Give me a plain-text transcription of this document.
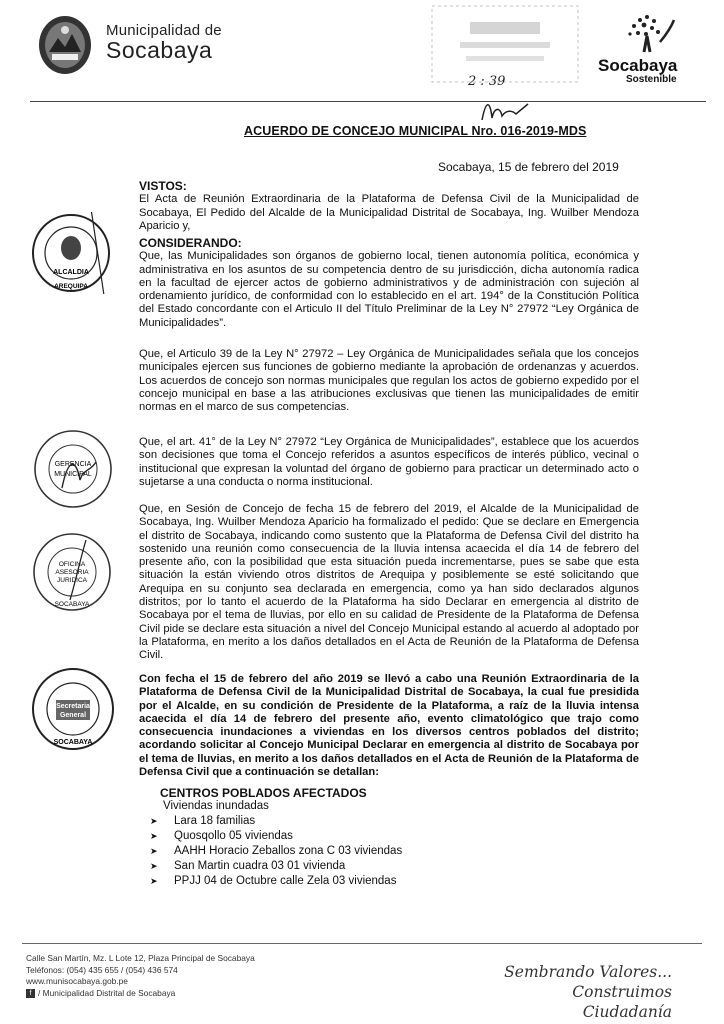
Municipalidad de
Socabaya
2 : 39
Socabaya
Sostenible
ACUERDO DE CONCEJO MUNICIPAL Nro. 016-2019-MDS
Socabaya, 15 de febrero del 2019

VISTOS:

El Acta de Reunión Extraordinaria de la Plataforma de Defensa Civil de la Municipalidad de Socabaya, El Pedido del Alcalde de la Municipalidad Distrital de Socabaya, Ing. Wuilber Mendoza Aparicio y,

CONSIDERANDO:

Que, las Municipalidades son órganos de gobierno local, tienen autonomía política, económica y administrativa en los asuntos de su competencia dentro de su jurisdicción, dicha autonomía radica en la facultad de ejercer actos de gobierno administrativos y de administración con sujeción al ordenamiento jurídico, de conformidad con lo establecido en el art. 194° de la Constitución Política del Estado concordante con el Articulo II del Título Preliminar de la Ley N° 27972 “Ley Orgánica de Municipalidades”.

Que, el Articulo 39 de la Ley N° 27972 – Ley Orgánica de Municipalidades señala que los concejos municipales ejercen sus funciones de gobierno mediante la aprobación de ordenanzas y acuerdos. Los acuerdos de concejo son normas municipales que regulan los actos de gobierno expedido por el concejo municipal en base a las atribuciones exclusivas que tienen las municipalidades de emitir normas en el marco de sus competencias.

Que, el art. 41° de la Ley N° 27972 “Ley Orgánica de Municipalidades”, establece que los acuerdos son decisiones que toma el Concejo referidos a asuntos específicos de interés público, vecinal o institucional que expresan la voluntad del órgano de gobierno para practicar un determinado acto o sujetarse a una conducta o norma institucional.

Que, en Sesión de Concejo de fecha 15 de febrero del 2019, el Alcalde de la Municipalidad de Socabaya, Ing. Wuilber Mendoza Aparicio ha formalizado el pedido: Que se declare en Emergencia el distrito de Socabaya, indicando como sustento que la Plataforma de Defensa Civil del distrito ha sostenido una reunión como consecuencia de la lluvia intensa acaecida el día 14 de febrero del presente año, con la posibilidad que esta situación pueda incrementarse, pues se sabe que esta situación la están viviendo otros distritos de Arequipa y posiblemente se esté solicitando que Arequipa en su conjunto sea declarada en emergencia, como ya han sido declarados algunos distritos; por lo tanto el acuerdo de la Plataforma ha sido Declarar en emergencia al distrito de Socabaya por el tema de lluvias, por ello en su calidad de Presidente de la Plataforma de Defensa Civil pide se declare esta situación a nivel del Concejo Municipal estando al acuerdo al adoptado por la Plataforma, en merito a los daños detallados en el Acta de Reunión de la Plataforma de Defensa Civil.

Con fecha el 15 de febrero del año 2019 se llevó a cabo una Reunión Extraordinaria de la Plataforma de Defensa Civil de la Municipalidad Distrital de Socabaya, la cual fue presidida por el Alcalde, en su condición de Presidente de la Plataforma, a raíz de la lluvia intensa acaecida el día 14 de febrero del presente año, evento climatológico que trajo como consecuencia inundaciones a viviendas en los diversos centros poblados del distrito; acordando solicitar al Concejo Municipal Declarar en emergencia al distrito de Socabaya por el tema de lluvias, en merito a los daños detallados en el Acta de Reunión de la Plataforma de Defensa Civil que a continuación se detallan:

CENTROS POBLADOS AFECTADOS
Viviendas inundadas
➤	Lara 18 familias
➤	Quosqollo 05 viviendas
➤	AAHH Horacio Zeballos zona C 03 viviendas
➤	San Martin cuadra 03 01 vivienda
➤	PPJJ 04 de Octubre calle Zela 03 viviendas
ALCALDIA
AREQUIPA
GERENCIA
MUNICIPAL
OFICINA
ASESORIA
JURIDICA
SOCABAYA
Secretaria
General
SOCABAYA
Calle San Martín, Mz. L Lote 12, Plaza Principal de Socabaya
Teléfonos: (054) 435 655 / (054) 436 574
www.munisocabaya.gob.pe
f / Municipalidad Distrital de Socabaya
Sembrando Valores...
Construimos Ciudadanía
